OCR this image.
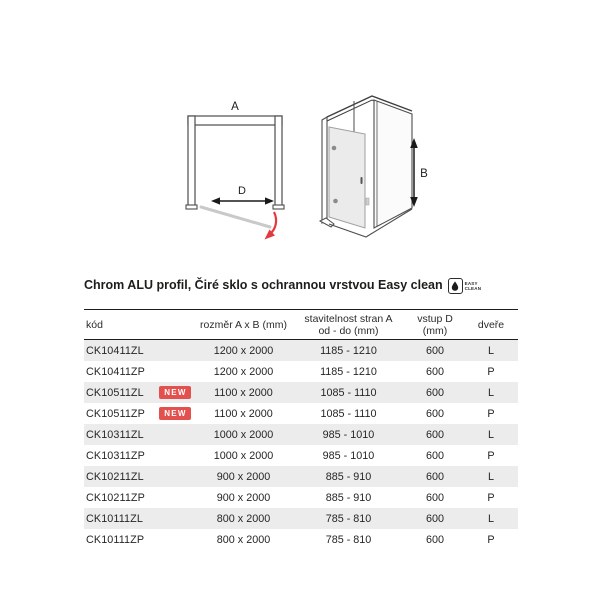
A
D
B
Chrom ALU profil, Čiré sklo s ochrannou vrstvou Easy clean	EASY
CLEAN
kód	rozměr A x B (mm)	stavitelnost stran A
od - do (mm)
vstup D
(mm)	dveře
CK10411ZL	1200 x 2000	1185 - 1210	600	L
CK10411ZP	1200 x 2000	1185 - 1210	600	P
CK10511ZL	NEW	1100 x 2000	1085 - 1110	600	L
CK10511ZP	NEW	1100 x 2000	1085 - 1110	600	P
CK10311ZL	1000 x 2000	985 - 1010	600	L
CK10311ZP	1000 x 2000	985 - 1010	600	P
CK10211ZL	900 x 2000	885 - 910	600	L
CK10211ZP	900 x 2000	885 - 910	600	P
CK10111ZL	800 x 2000	785 - 810	600	L
CK10111ZP	800 x 2000	785 - 810	600	P
